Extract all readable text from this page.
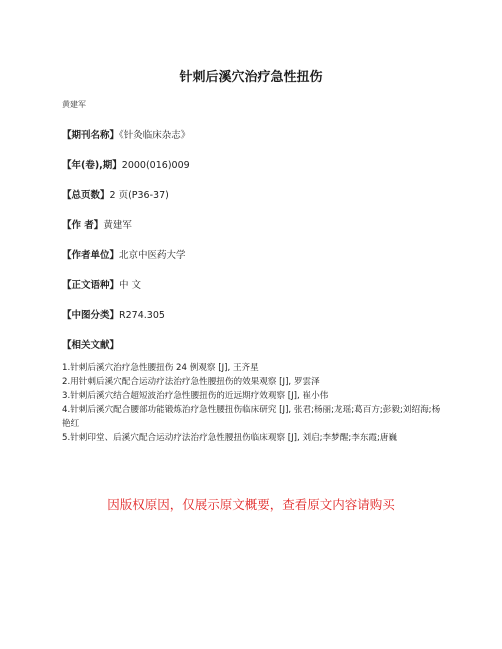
针刺后溪穴治疗急性扭伤
黄建军
【期刊名称】《针灸临床杂志》
【年(卷),期】2000(016)009
【总页数】2 页(P36-37)
【作 者】黄建军
【作者单位】北京中医药大学
【正文语种】中 文
【中图分类】R274.305
【相关文献】

1.针刺后溪穴治疗急性腰扭伤 24 例观察 [J], 王齐星

2.用针刺后溪穴配合运动疗法治疗急性腰扭伤的效果观察 [J], 罗雲泽

3.针刺后溪穴结合超短波治疗急性腰扭伤的近远期疗效观察 [J], 崔小伟

4.针刺后溪穴配合腰部功能锻炼治疗急性腰扭伤临床研究 [J], 张君;杨丽;龙瑶;葛百方;彭毅;刘绍海;杨艳红

5.针刺印堂、后溪穴配合运动疗法治疗急性腰扭伤临床观察 [J], 刘启;李梦醒;李东霞;唐巍

因版权原因，仅展示原文概要，查看原文内容请购买
